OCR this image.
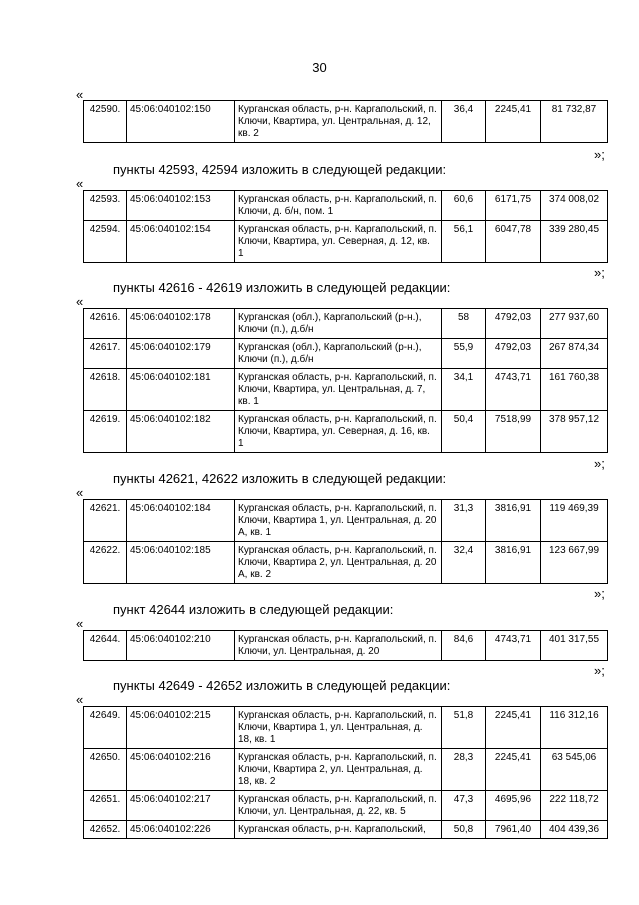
30
«
42590.	45:06:040102:150	Курганская область, р-н. Каргапольский, п. Ключи, Квартира, ул. Центральная, д. 12, кв. 2	36,4	2245,41	81 732,87
»;
пункты 42593, 42594 изложить в следующей редакции:
«
42593.	45:06:040102:153	Курганская область, р-н. Каргапольский, п. Ключи, д. б/н, пом. 1	60,6	6171,75	374 008,02
42594.	45:06:040102:154	Курганская область, р-н. Каргапольский, п. Ключи, Квартира, ул. Северная, д. 12, кв. 1	56,1	6047,78	339 280,45
»;
пункты 42616 - 42619 изложить в следующей редакции:
«
42616.	45:06:040102:178	Курганская (обл.), Каргапольский (р-н.), Ключи (п.), д.б/н	58	4792,03	277 937,60
42617.	45:06:040102:179	Курганская (обл.), Каргапольский (р-н.), Ключи (п.), д.б/н	55,9	4792,03	267 874,34
42618.	45:06:040102:181	Курганская область, р-н. Каргапольский, п. Ключи, Квартира, ул. Центральная, д. 7, кв. 1	34,1	4743,71	161 760,38
42619.	45:06:040102:182	Курганская область, р-н. Каргапольский, п. Ключи, Квартира, ул. Северная, д. 16, кв. 1	50,4	7518,99	378 957,12
»;
пункты 42621, 42622 изложить в следующей редакции:
«
42621.	45:06:040102:184	Курганская область, р-н. Каргапольский, п. Ключи, Квартира 1, ул. Центральная, д. 20 А, кв. 1	31,3	3816,91	119 469,39
42622.	45:06:040102:185	Курганская область, р-н. Каргапольский, п. Ключи, Квартира 2, ул. Центральная, д. 20 А, кв. 2	32,4	3816,91	123 667,99
»;
пункт 42644 изложить в следующей редакции:
«
42644.	45:06:040102:210	Курганская область, р-н. Каргапольский, п. Ключи, ул. Центральная, д. 20	84,6	4743,71	401 317,55
»;
пункты 42649 - 42652 изложить в следующей редакции:
«
42649.	45:06:040102:215	Курганская область, р-н. Каргапольский, п. Ключи, Квартира 1, ул. Центральная, д. 18, кв. 1	51,8	2245,41	116 312,16
42650.	45:06:040102:216	Курганская область, р-н. Каргапольский, п. Ключи, Квартира 2, ул. Центральная, д. 18, кв. 2	28,3	2245,41	63 545,06
42651.	45:06:040102:217	Курганская область, р-н. Каргапольский, п. Ключи, ул. Центральная, д. 22, кв. 5	47,3	4695,96	222 118,72
42652.	45:06:040102:226	Курганская область, р-н. Каргапольский,	50,8	7961,40	404 439,36
